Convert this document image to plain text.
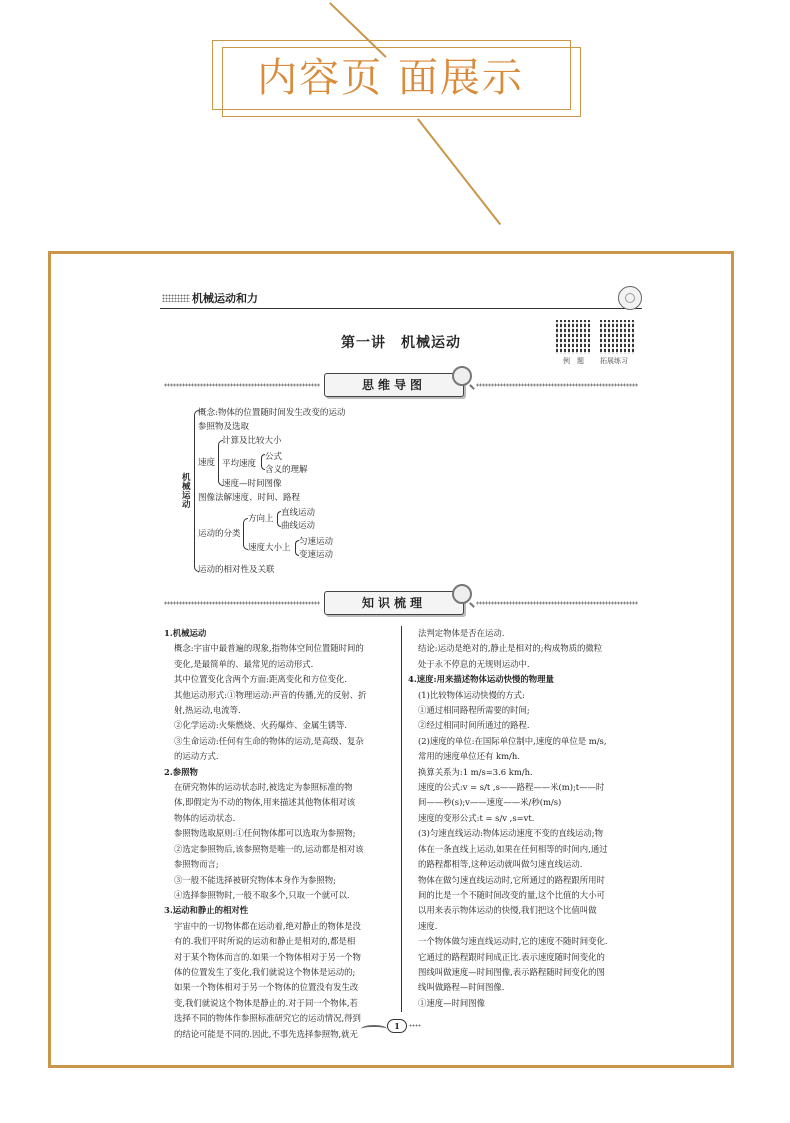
内容页 面展示
机械运动和力
第一讲　机械运动
例　题 拓展练习
思维导图
机械运动
概念:物体的位置随时间发生改变的运动
参照物及选取
速度
计算及比较大小
平均速度
公式
含义的理解
速度—时间图像
图像法解速度、时间、路程
运动的分类
方向上
直线运动
曲线运动
速度大小上
匀速运动
变速运动
运动的相对性及关联
知识梳理

1.机械运动

概念:宇宙中最普遍的现象,指物体空间位置随时间的

变化,是最简单的、最常见的运动形式.

其中位置变化含两个方面:距离变化和方位变化.

其他运动形式:①物理运动:声音的传播,光的反射、折

射,热运动,电流等.

②化学运动:火柴燃烧、火药爆炸、金属生锈等.

③生命运动:任何有生命的物体的运动,是高级、复杂

的运动方式.

2.参照物

在研究物体的运动状态时,被选定为参照标准的物

体,即假定为不动的物体,用来描述其他物体相对该

物体的运动状态.

参照物选取原则:①任何物体都可以选取为参照物;

②选定参照物后,该参照物是唯一的,运动都是相对该

参照物而言;

③一般不能选择被研究物体本身作为参照物;

④选择参照物时,一般不取多个,只取一个就可以.

3.运动和静止的相对性

宇宙中的一切物体都在运动着,绝对静止的物体是没

有的.我们平时所说的运动和静止是相对的,都是相

对于某个物体而言的.如果一个物体相对于另一个物

体的位置发生了变化,我们就说这个物体是运动的;

如果一个物体相对于另一个物体的位置没有发生改

变,我们就说这个物体是静止的.对于同一个物体,若

选择不同的物体作参照标准研究它的运动情况,得到

的结论可能是不同的.因此,不事先选择参照物,就无

法判定物体是否在运动.

结论:运动是绝对的,静止是相对的;构成物质的微粒

处于永不停息的无规则运动中.

4.速度:用来描述物体运动快慢的物理量

(1)比较物体运动快慢的方式:

①通过相同路程所需要的时间;

②经过相同时间所通过的路程.

(2)速度的单位:在国际单位制中,速度的单位是 m/s,

常用的速度单位还有 km/h.

换算关系为:1 m/s=3.6 km/h.

速度的公式:v = s/t ,s——路程——米(m);t——时

间——秒(s);v——速度——米/秒(m/s)

速度的变形公式:t = s/v ,s=vt.

(3)匀速直线运动:物体运动速度不变的直线运动;物

体在一条直线上运动,如果在任何相等的时间内,通过

的路程都相等,这种运动就叫做匀速直线运动.

物体在做匀速直线运动时,它所通过的路程跟所用时

间的比是一个不随时间改变的量,这个比值的大小可

以用来表示物体运动的快慢,我们把这个比值叫做

速度.

一个物体做匀速直线运动时,它的速度不随时间变化.

它通过的路程跟时间成正比.表示速度随时间变化的

图线叫做速度—时间图像,表示路程随时间变化的图

线叫做路程—时间图像.

①速度—时间图像

1
